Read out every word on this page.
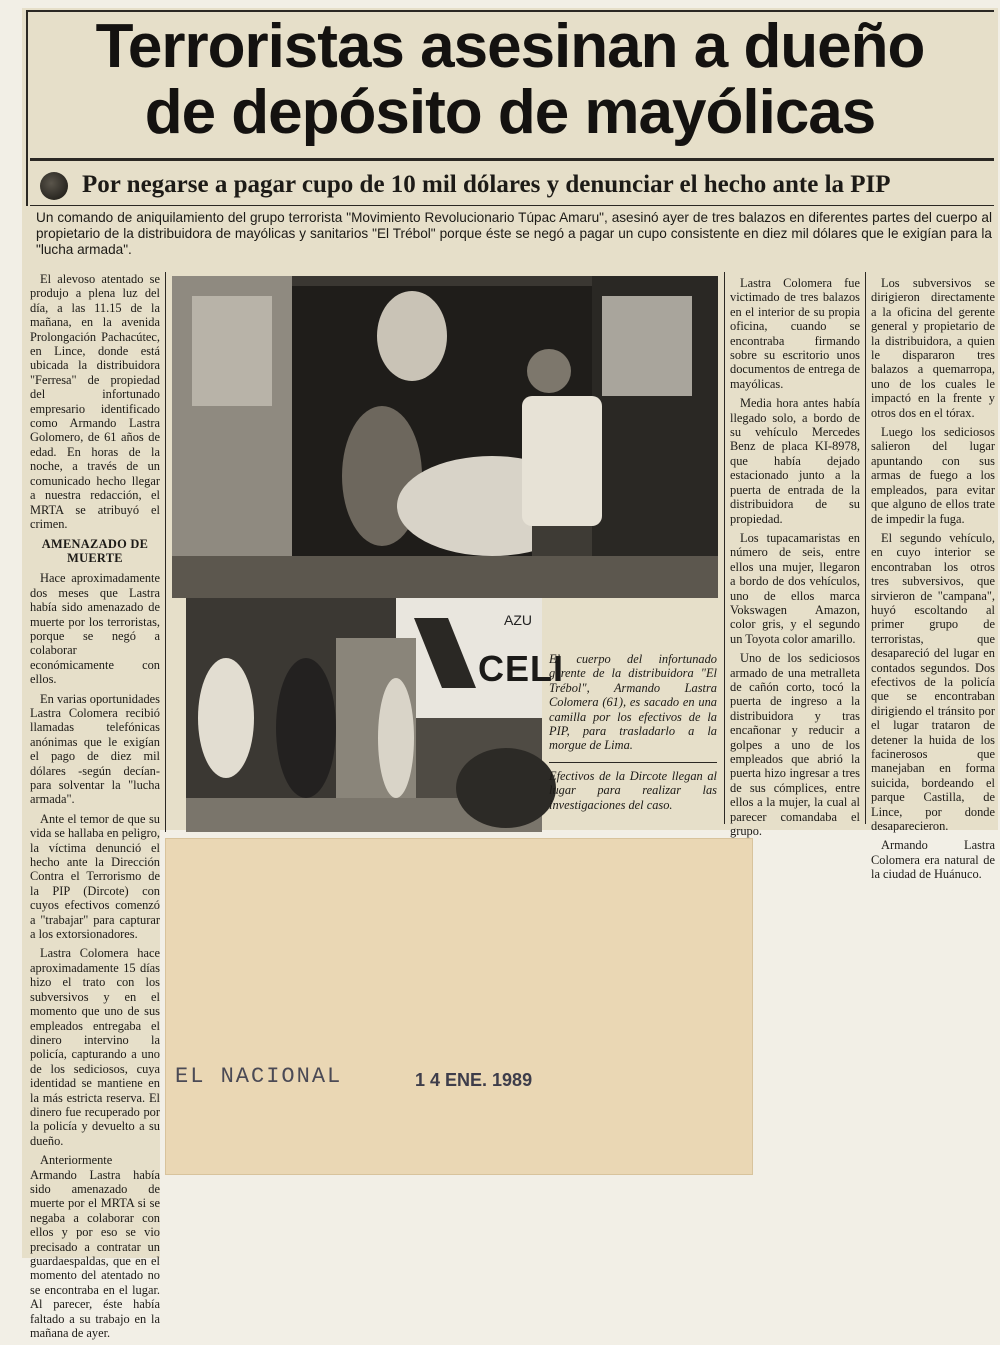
Terroristas asesinan a dueño
de depósito de mayólicas
Por negarse a pagar cupo de 10 mil dólares y denunciar el hecho ante la PIP
Un comando de aniquilamiento del grupo terrorista "Movimiento Revolucionario Túpac Amaru", asesinó ayer de tres balazos en diferentes partes del cuerpo al propietario de la distribuidora de mayólicas y sanitarios "El Trébol" porque éste se negó a pagar un cupo consistente en diez mil dólares que le exigían para la "lucha armada".

El alevoso atentado se produjo a plena luz del día, a las 11.15 de la mañana, en la avenida Prolongación Pachacútec, en Lince, donde está ubicada la distribuidora "Ferresa" de propiedad del infortunado empresario identificado como Armando Lastra Golomero, de 61 años de edad. En horas de la noche, a través de un comunicado hecho llegar a nuestra redacción, el MRTA se atribuyó el crimen.

AMENAZADO DE MUERTE

Hace aproximadamente dos meses que Lastra había sido amenazado de muerte por los terroristas, porque se negó a colaborar económicamente con ellos.

En varias oportunidades Lastra Colomera recibió llamadas telefónicas anónimas que le exigían el pago de diez mil dólares -según decían- para solventar la "lucha armada".

Ante el temor de que su vida se hallaba en peligro, la víctima denunció el hecho ante la Dirección Contra el Terrorismo de la PIP (Dircote) con cuyos efectivos comenzó a "trabajar" para capturar a los extorsionadores.

Lastra Colomera hace aproximadamente 15 días hizo el trato con los subversivos y en el momento que uno de sus empleados entregaba el dinero intervino la policía, capturando a uno de los sediciosos, cuya identidad se mantiene en la más estricta reserva. El dinero fue recuperado por la policía y devuelto a su dueño.

Anteriormente Armando Lastra había sido amenazado de muerte por el MRTA si se negaba a colaborar con ellos y por eso se vio precisado a contratar un guardaespaldas, que en el momento del atentado no se encontraba en el lugar. Al parecer, éste había faltado a su trabajo en la mañana de ayer.

AZU
CELI
El cuerpo del infortunado gerente de la distribuidora "El Trébol", Armando Lastra Colomera (61), es sacado en una camilla por los efectivos de la PIP, para trasladarlo a la morgue de Lima.
Efectivos de la Dircote llegan al lugar para realizar las investigaciones del caso.

Lastra Colomera fue victimado de tres balazos en el interior de su propia oficina, cuando se encontraba firmando sobre su escritorio unos documentos de entrega de mayólicas.

Media hora antes había llegado solo, a bordo de su vehículo Mercedes Benz de placa KI-8978, que había dejado estacionado junto a la puerta de entrada de la distribuidora de su propiedad.

Los tupacamaristas en número de seis, entre ellos una mujer, llegaron a bordo de dos vehículos, uno de ellos marca Vokswagen Amazon, color gris, y el segundo un Toyota color amarillo.

Uno de los sediciosos armado de una metralleta de cañón corto, tocó la puerta de ingreso a la distribuidora y tras encañonar y reducir a golpes a uno de los empleados que abrió la puerta hizo ingresar a tres de sus cómplices, entre ellos a la mujer, la cual al parecer comandaba el grupo.

Los subversivos se dirigieron directamente a la oficina del gerente general y propietario de la distribuidora, a quien le dispararon tres balazos a quemarropa, uno de los cuales le impactó en la frente y otros dos en el tórax.

Luego los sediciosos salieron del lugar apuntando con sus armas de fuego a los empleados, para evitar que alguno de ellos trate de impedir la fuga.

El segundo vehículo, en cuyo interior se encontraban los otros tres subversivos, que sirvieron de "campana", huyó escoltando al primer grupo de terroristas, que desapareció del lugar en contados segundos. Dos efectivos de la policía que se encontraban dirigiendo el tránsito por el lugar trataron de detener la huida de los facinerosos que manejaban en forma suicida, bordeando el parque Castilla, de Lince, por donde desaparecieron.

Armando Lastra Colomera era natural de la ciudad de Huánuco.

EL NACIONAL	1 4 ENE. 1989
